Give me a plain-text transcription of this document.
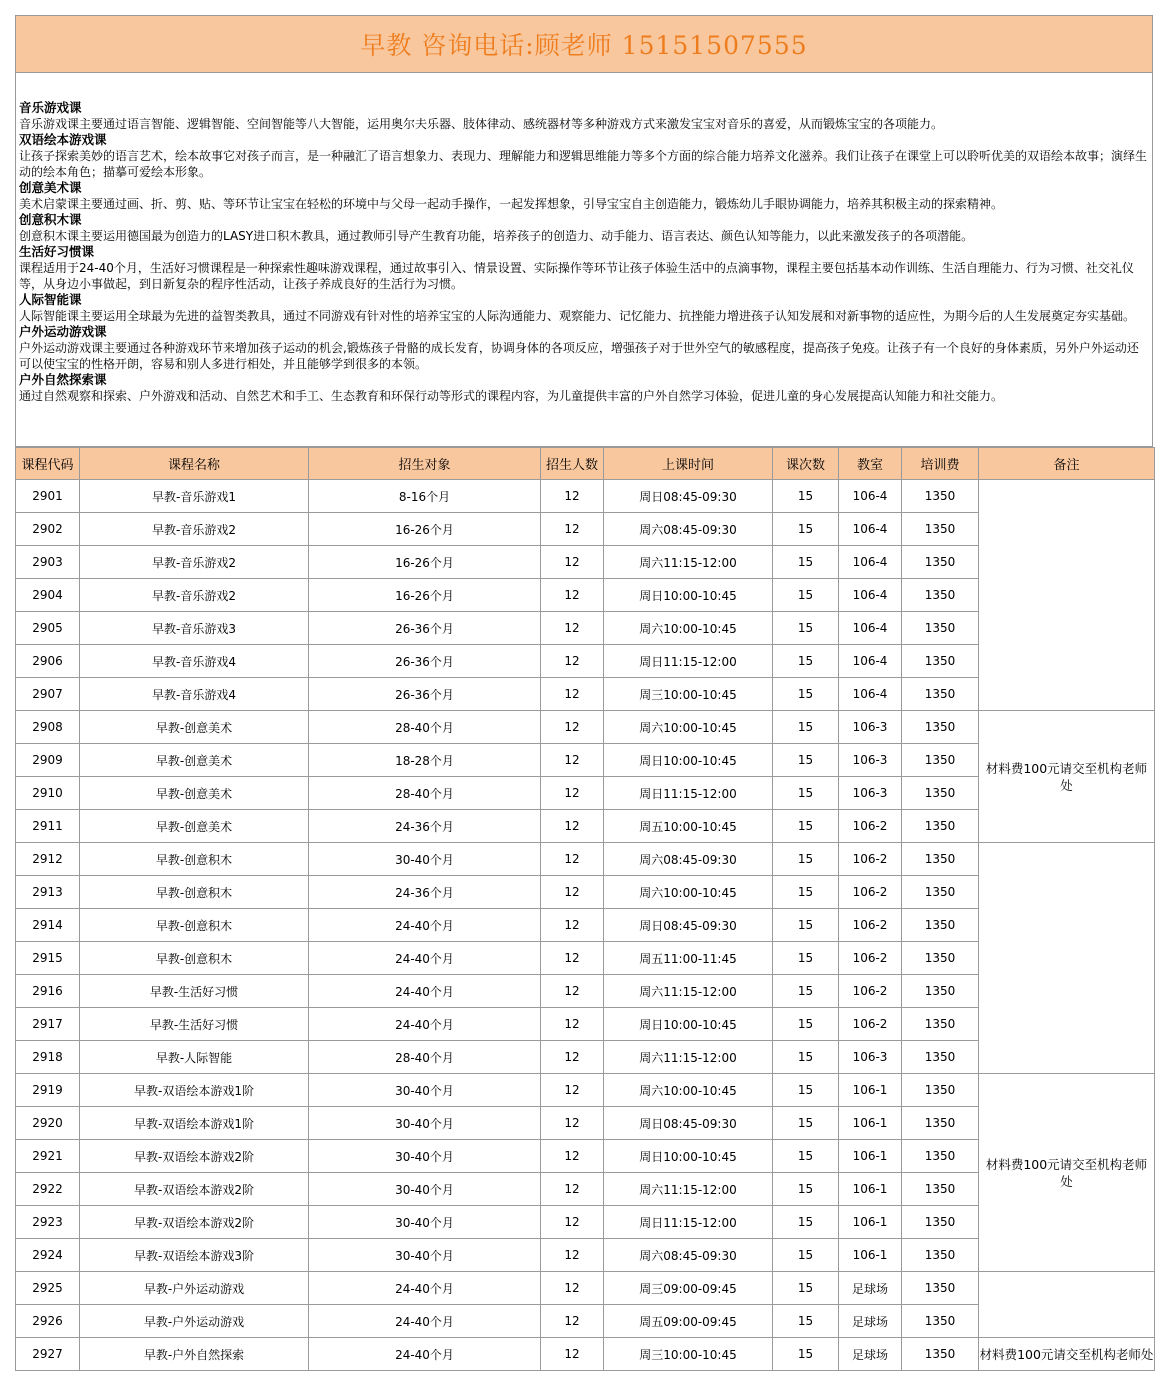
早教 咨询电话:顾老师 15151507555
音乐游戏课
音乐游戏课主要通过语言智能、逻辑智能、空间智能等八大智能，运用奥尔夫乐器、肢体律动、感统器材等多种游戏方式来激发宝宝对音乐的喜爱，从而锻炼宝宝的各项能力。
双语绘本游戏课
让孩子探索美妙的语言艺术，绘本故事它对孩子而言，是一种融汇了语言想象力、表现力、理解能力和逻辑思维能力等多个方面的综合能力培养文化滋养。我们让孩子在课堂上可以聆听优美的双语绘本故事；演绎生动的绘本角色；描摹可爱绘本形象。
创意美术课
美术启蒙课主要通过画、折、剪、贴、等环节让宝宝在轻松的环境中与父母一起动手操作，一起发挥想象，引导宝宝自主创造能力，锻炼幼儿手眼协调能力，培养其积极主动的探索精神。
创意积木课
创意积木课主要运用德国最为创造力的LASY进口积木教具，通过教师引导产生教育功能，培养孩子的创造力、动手能力、语言表达、颜色认知等能力，以此来激发孩子的各项潜能。
生活好习惯课
课程适用于24-40个月，生活好习惯课程是一种探索性趣味游戏课程，通过故事引入、情景设置、实际操作等环节让孩子体验生活中的点滴事物，课程主要包括基本动作训练、生活自理能力、行为习惯、社交礼仪等，从身边小事做起，到日新复杂的程序性活动，让孩子养成良好的生活行为习惯。
人际智能课
人际智能课主要运用全球最为先进的益智类教具，通过不同游戏有针对性的培养宝宝的人际沟通能力、观察能力、记忆能力、抗挫能力增进孩子认知发展和对新事物的适应性，为期今后的人生发展奠定夯实基础。
户外运动游戏课
户外运动游戏课主要通过各种游戏环节来增加孩子运动的机会,锻炼孩子骨骼的成长发育，协调身体的各项反应，增强孩子对于世外空气的敏感程度，提高孩子免疫。让孩子有一个良好的身体素质，另外户外运动还可以使宝宝的性格开朗，容易和别人多进行相处，并且能够学到很多的本领。
户外自然探索课
通过自然观察和探索、户外游戏和活动、自然艺术和手工、生态教育和环保行动等形式的课程内容，为儿童提供丰富的户外自然学习体验，促进儿童的身心发展提高认知能力和社交能力。
课程代码	课程名称	招生对象	招生人数	上课时间	课次数	教室	培训费	备注
2901	早教-音乐游戏1	8-16个月	12	周日08:45-09:30	15	106-4	1350	
2902	早教-音乐游戏2	16-26个月	12	周六08:45-09:30	15	106-4	1350	
2903	早教-音乐游戏2	16-26个月	12	周六11:15-12:00	15	106-4	1350	
2904	早教-音乐游戏2	16-26个月	12	周日10:00-10:45	15	106-4	1350	
2905	早教-音乐游戏3	26-36个月	12	周六10:00-10:45	15	106-4	1350	
2906	早教-音乐游戏4	26-36个月	12	周日11:15-12:00	15	106-4	1350	
2907	早教-音乐游戏4	26-36个月	12	周三10:00-10:45	15	106-4	1350	
2908	早教-创意美术	28-40个月	12	周六10:00-10:45	15	106-3	1350	材料费100元请交至机构老师处
2909	早教-创意美术	18-28个月	12	周日10:00-10:45	15	106-3	1350	
2910	早教-创意美术	28-40个月	12	周日11:15-12:00	15	106-3	1350	
2911	早教-创意美术	24-36个月	12	周五10:00-10:45	15	106-2	1350	
2912	早教-创意积木	30-40个月	12	周六08:45-09:30	15	106-2	1350	
2913	早教-创意积木	24-36个月	12	周六10:00-10:45	15	106-2	1350	
2914	早教-创意积木	24-40个月	12	周日08:45-09:30	15	106-2	1350	
2915	早教-创意积木	24-40个月	12	周五11:00-11:45	15	106-2	1350	
2916	早教-生活好习惯	24-40个月	12	周六11:15-12:00	15	106-2	1350	
2917	早教-生活好习惯	24-40个月	12	周日10:00-10:45	15	106-2	1350	
2918	早教-人际智能	28-40个月	12	周六11:15-12:00	15	106-3	1350	
2919	早教-双语绘本游戏1阶	30-40个月	12	周六10:00-10:45	15	106-1	1350	材料费100元请交至机构老师处
2920	早教-双语绘本游戏1阶	30-40个月	12	周日08:45-09:30	15	106-1	1350	
2921	早教-双语绘本游戏2阶	30-40个月	12	周日10:00-10:45	15	106-1	1350	
2922	早教-双语绘本游戏2阶	30-40个月	12	周六11:15-12:00	15	106-1	1350	
2923	早教-双语绘本游戏2阶	30-40个月	12	周日11:15-12:00	15	106-1	1350	
2924	早教-双语绘本游戏3阶	30-40个月	12	周六08:45-09:30	15	106-1	1350	
2925	早教-户外运动游戏	24-40个月	12	周三09:00-09:45	15	足球场	1350	
2926	早教-户外运动游戏	24-40个月	12	周五09:00-09:45	15	足球场	1350	
2927	早教-户外自然探索	24-40个月	12	周三10:00-10:45	15	足球场	1350	材料费100元请交至机构老师处
